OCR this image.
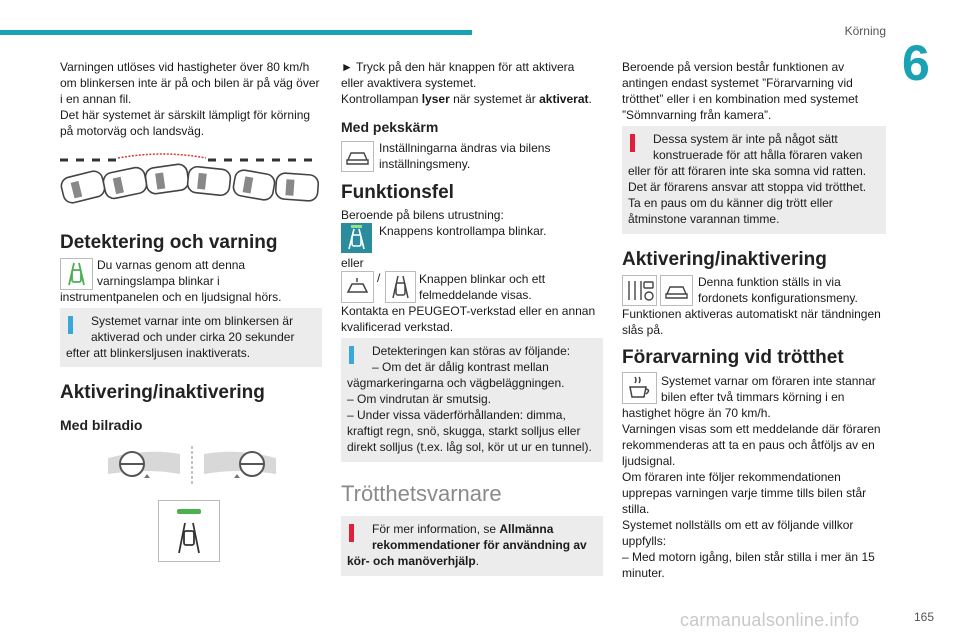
Körning
6

Varningen utlöses vid hastigheter över 80 km/h

om blinkersen inte är på och bilen är på väg över

i en annan fil.

Det här systemet är särskilt lämpligt för körning

på motorväg och landsväg.

Detektering och varning

Du varnas genom att denna

varningslampa blinkar i

instrumentpanelen och en ljudsignal hörs.

Systemet varnar inte om blinkersen är
aktiverad och under cirka 20 sekunder
efter att blinkersljusen inaktiverats.
Aktivering/inaktivering
Med bilradio

► Tryck på den här knappen för att aktivera

eller avaktivera systemet.

Kontrollampan lyser när systemet är aktiverat.

Med pekskärm

Inställningarna ändras via bilens

inställningsmeny.

Funktionsfel

Beroende på bilens utrustning:

Knappens kontrollampa blinkar.

eller

/	Knappen blinkar och ett

felmeddelande visas.

Kontakta en PEUGEOT-verkstad eller en annan

kvalificerad verkstad.

Detekteringen kan störas av följande:
– Om det är dålig kontrast mellan
vägmarkeringarna och vägbeläggningen.
– Om vindrutan är smutsig.
– Under vissa väderförhållanden: dimma,
kraftigt regn, snö, skugga, starkt solljus eller
direkt solljus (t.ex. låg sol, kör ut ur en tunnel).
Trötthetsvarnare
För mer information, se Allmänna
rekommendationer för användning av
kör- och manöverhjälp.

Beroende på version består funktionen av

antingen endast systemet ”Förarvarning vid

trötthet” eller i en kombination med systemet

”Sömnvarning från kamera”.

Dessa system är inte på något sätt
konstruerade för att hålla föraren vaken
eller för att föraren inte ska somna vid ratten.
Det är förarens ansvar att stoppa vid trötthet.
Ta en paus om du känner dig trött eller
åtminstone varannan timme.
Aktivering/inaktivering

Denna funktion ställs in via

fordonets konfigurationsmeny.

Funktionen aktiveras automatiskt när tändningen

slås på.

Förarvarning vid trötthet

Systemet varnar om föraren inte stannar

bilen efter två timmars körning i en

hastighet högre än 70 km/h.

Varningen visas som ett meddelande där föraren

rekommenderas att ta en paus och åtföljs av en

ljudsignal.

Om föraren inte följer rekommendationen

upprepas varningen varje timme tills bilen står

stilla.

Systemet nollställs om ett av följande villkor

uppfylls:

– Med motorn igång, bilen står stilla i mer än 15

minuter.

carmanualsonline.info	165
